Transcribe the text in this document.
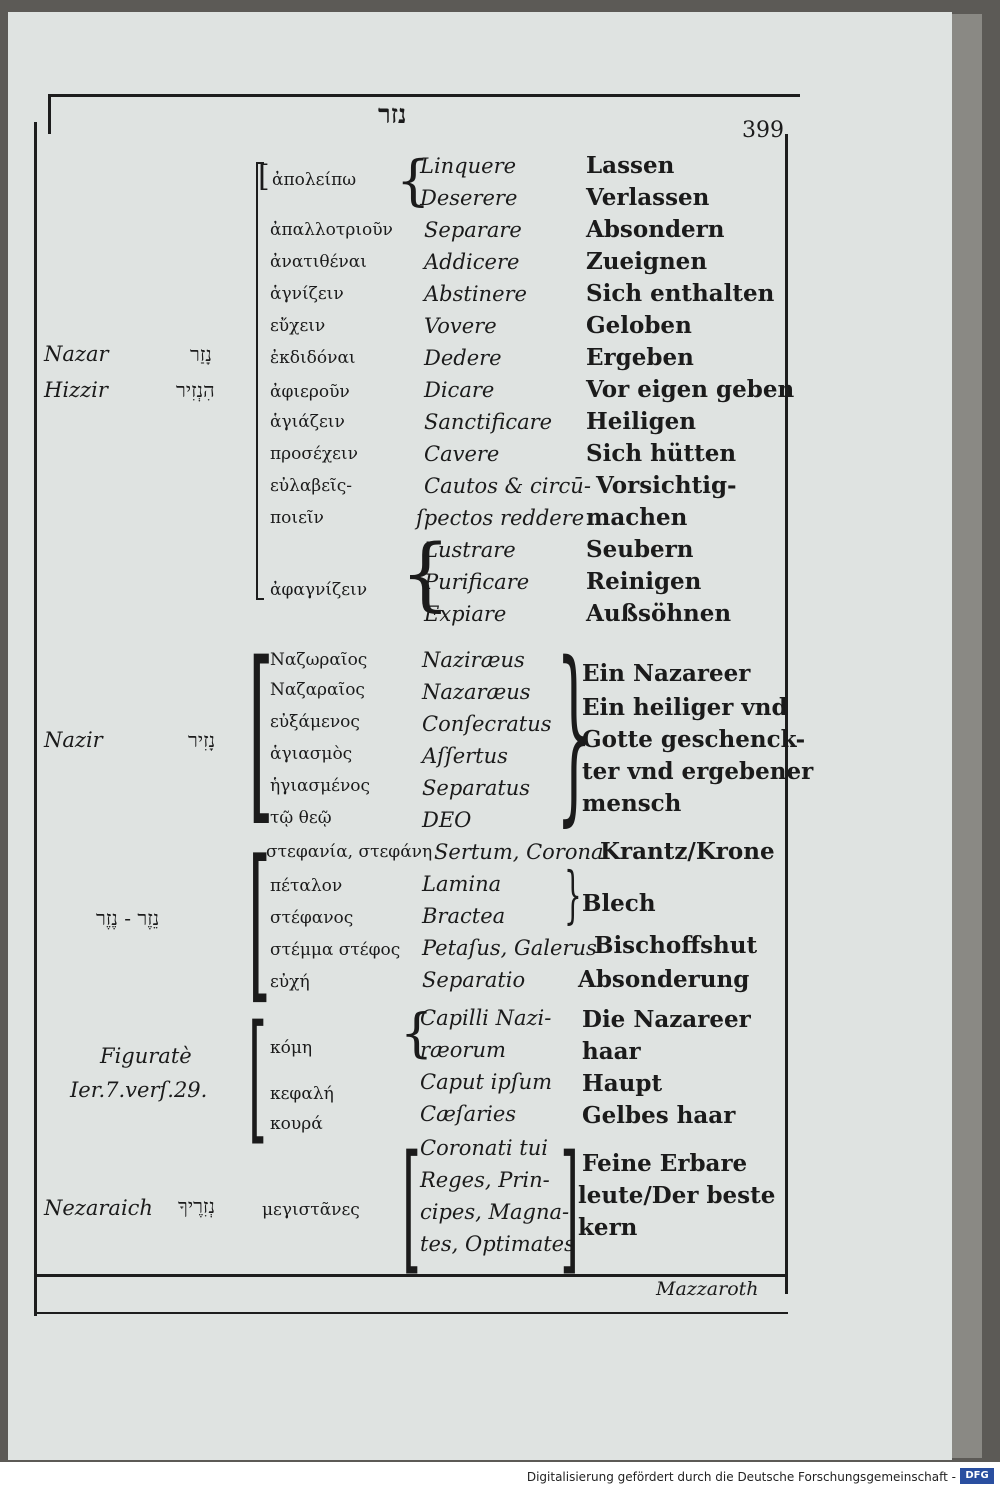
נזר
399
Nazar
Hizzir
נָזַר
הִנְזִיר
[ ἀπολείπω {
ἀπαλλοτριοῦν
ἀνατιθέναι
ἁγνίζειν
εὔχειν
ἐκδιδόναι
ἀφιεροῦν
ἁγιάζειν
προσέχειν
εὐλαβεῖς-
ποιεῖν
ἀφαγνίζειν {
Linquere
Deserere
Separare
Addicere
Abstinere
Vovere
Dedere
Dicare
Sanctificare
Cavere
Cautos & circū-
ſpectos reddere
Lustrare
Purificare
Expiare
Lassen
Verlassen
Absondern
Zueignen
Sich enthalten
Geloben
Ergeben
Vor eigen geben
Heiligen
Sich hütten
Vorsichtig-
machen
Seubern
Reinigen
Außsöhnen
Nazir	נָזִיר [
Ναζωραῖος
Ναζαραῖος
εὐξάμενος
ἁγιασμὸς
ἡγιασμένος
τῷ θεῷ
Naziræus
Nazaræus
Conſecratus
Aſſertus
Separatus
DEO }
Ein Nazareer
Ein heiliger vnd
Gotte geschenck-
ter vnd ergebener
mensch
נֵזֶר - נֶזֶר [
στεφανία, στεφάνη
πέταλον
στέφανος
στέμμα στέφος
εὐχή
Sertum, Corona
Lamina
Bractea
Petaſus, Galerus
Separatio
}
Krantz/Krone
Blech
Bischoffshut
Absonderung
Figuratè
Ier.7.verſ.29. [ κόμη
κεφαλή
κουρά
{
Capilli Nazi-
ræorum
Caput ipſum
Cæſaries
Die Nazareer
haar
Haupt
Gelbes haar
Nezaraich נְזִרֶיךָ	μεγιστᾶνες [
Coronati tui
Reges, Prin-
cipes, Magna-
tes, Optimates
] Feine Erbare
leute/Der beste
kern
Mazzaroth
Digitalisierung gefördert durch die Deutsche Forschungsgemeinschaft - DFG
